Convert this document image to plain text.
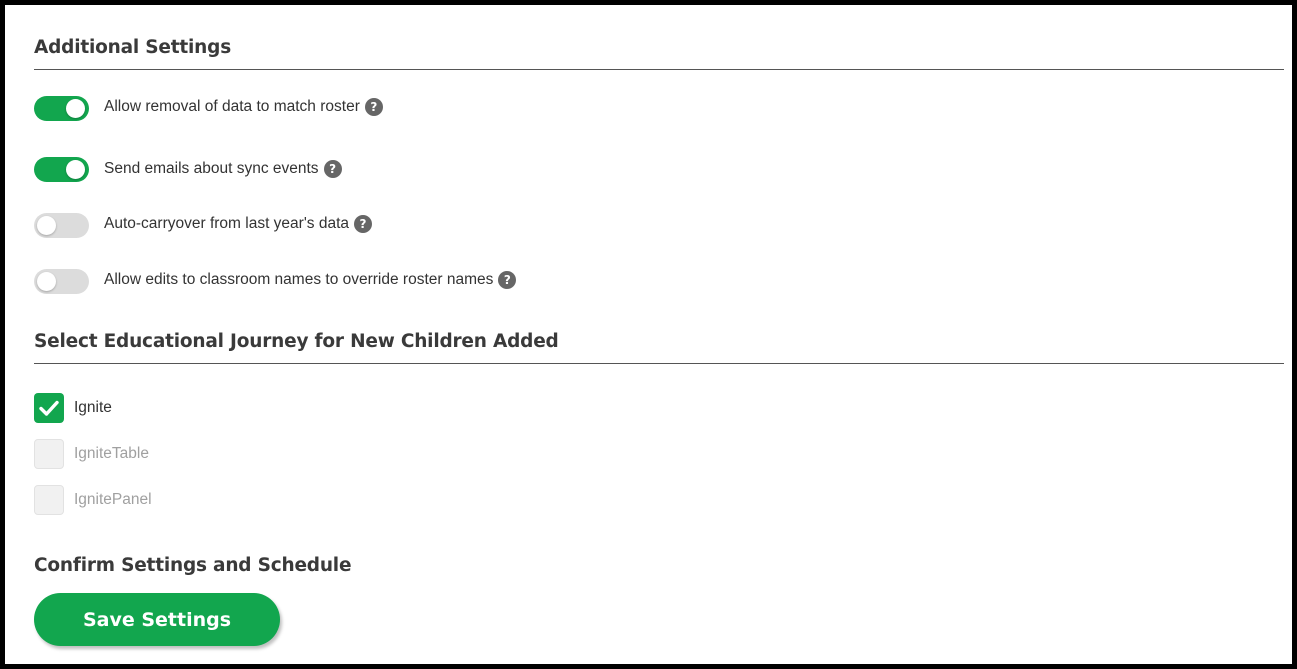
Additional Settings
Allow removal of data to match roster ?
Send emails about sync events ?
Auto-carryover from last year's data ?
Allow edits to classroom names to override roster names ?
Select Educational Journey for New Children Added
Ignite
IgniteTable
IgnitePanel
Confirm Settings and Schedule
Save Settings
